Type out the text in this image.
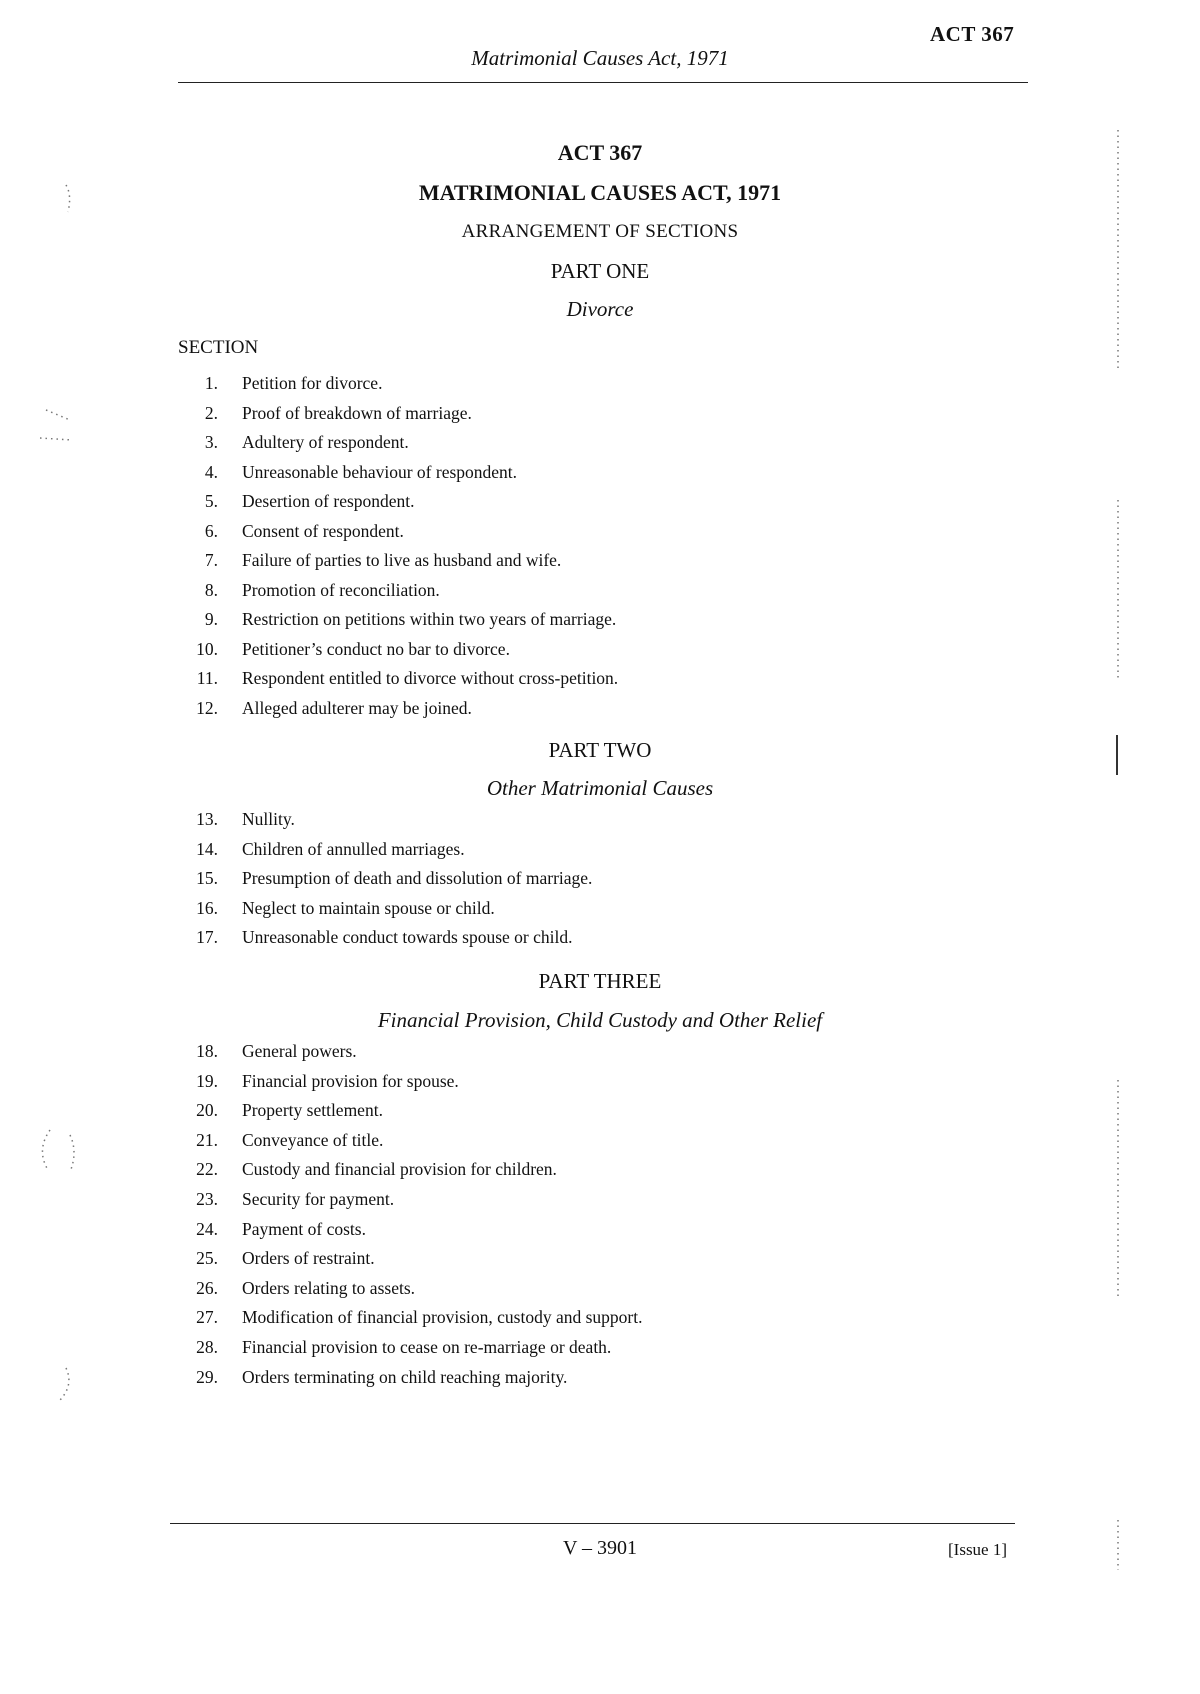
ACT 367
Matrimonial Causes Act, 1971
ACT 367
MATRIMONIAL CAUSES ACT, 1971
ARRANGEMENT OF SECTIONS
PART ONE
Divorce
SECTION
PART TWO
Other Matrimonial Causes
PART THREE
Financial Provision, Child Custody and Other Relief
1. Petition for divorce.
2. Proof of breakdown of marriage.
3. Adultery of respondent.
4. Unreasonable behaviour of respondent.
5. Desertion of respondent.
6. Consent of respondent.
7. Failure of parties to live as husband and wife.
8. Promotion of reconciliation.
9. Restriction on petitions within two years of marriage.
10. Petitioner’s conduct no bar to divorce.
11. Respondent entitled to divorce without cross-petition.
12. Alleged adulterer may be joined.
13. Nullity.
14. Children of annulled marriages.
15. Presumption of death and dissolution of marriage.
16. Neglect to maintain spouse or child.
17. Unreasonable conduct towards spouse or child.
18. General powers.
19. Financial provision for spouse.
20. Property settlement.
21. Conveyance of title.
22. Custody and financial provision for children.
23. Security for payment.
24. Payment of costs.
25. Orders of restraint.
26. Orders relating to assets.
27. Modification of financial provision, custody and support.
28. Financial provision to cease on re-marriage or death.
29. Orders terminating on child reaching majority.
V – 3901	[Issue 1]
